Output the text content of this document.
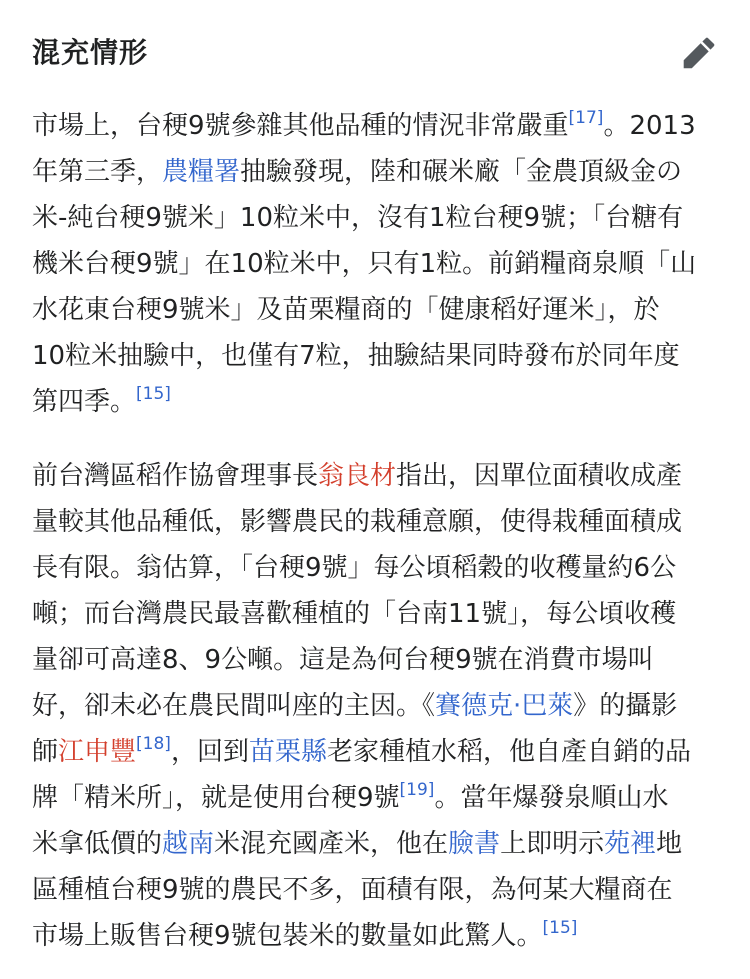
混充情形
市場上，台稉9號參雜其他品種的情況非常嚴重[17]。2013
年第三季，農糧署抽驗發現，陸和碾米廠「金農頂級金の
米-純台稉9號米」10粒米中，沒有1粒台稉9號；「台糖有
機米台稉9號」在10粒米中，只有1粒。前銷糧商泉順「山
水花東台稉9號米」及苗栗糧商的「健康稻好運米」，於
10粒米抽驗中，也僅有7粒，抽驗結果同時發布於同年度
第四季。[15]
前台灣區稻作協會理事長翁良材指出，因單位面積收成產
量較其他品種低，影響農民的栽種意願，使得栽種面積成
長有限。翁估算，「台稉9號」每公頃稻穀的收穫量約6公
噸；而台灣農民最喜歡種植的「台南11號」，每公頃收穫
量卻可高達8、9公噸。這是為何台稉9號在消費市場叫
好，卻未必在農民間叫座的主因。《賽德克·巴萊》的攝影
師江申豐[18]，回到苗栗縣老家種植水稻，他自產自銷的品
牌「精米所」，就是使用台稉9號[19]。當年爆發泉順山水
米拿低價的越南米混充國產米，他在臉書上即明示苑裡地
區種植台稉9號的農民不多，面積有限，為何某大糧商在
市場上販售台稉9號包裝米的數量如此驚人。[15]
